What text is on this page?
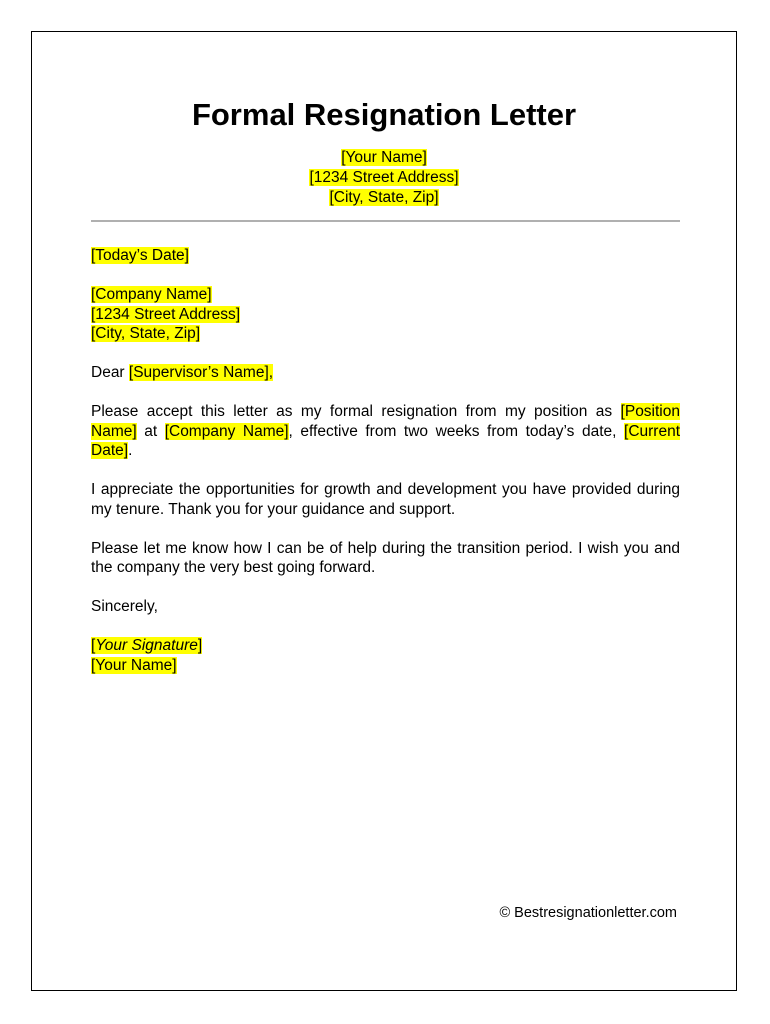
Formal Resignation Letter
[Your Name]
[1234 Street Address]
[City, State, Zip]

[Today’s Date]

[Company Name]

[1234 Street Address]

[City, State, Zip]

Dear [Supervisor’s Name],

Please accept this letter as my formal resignation from my position as [Position Name] at [Company Name], effective from two weeks from today’s date, [Current Date].

I appreciate the opportunities for growth and development you have provided during my tenure. Thank you for your guidance and support.

Please let me know how I can be of help during the transition period. I wish you and the company the very best going forward.

Sincerely,

[Your Signature]

[Your Name]

© Bestresignationletter.com
